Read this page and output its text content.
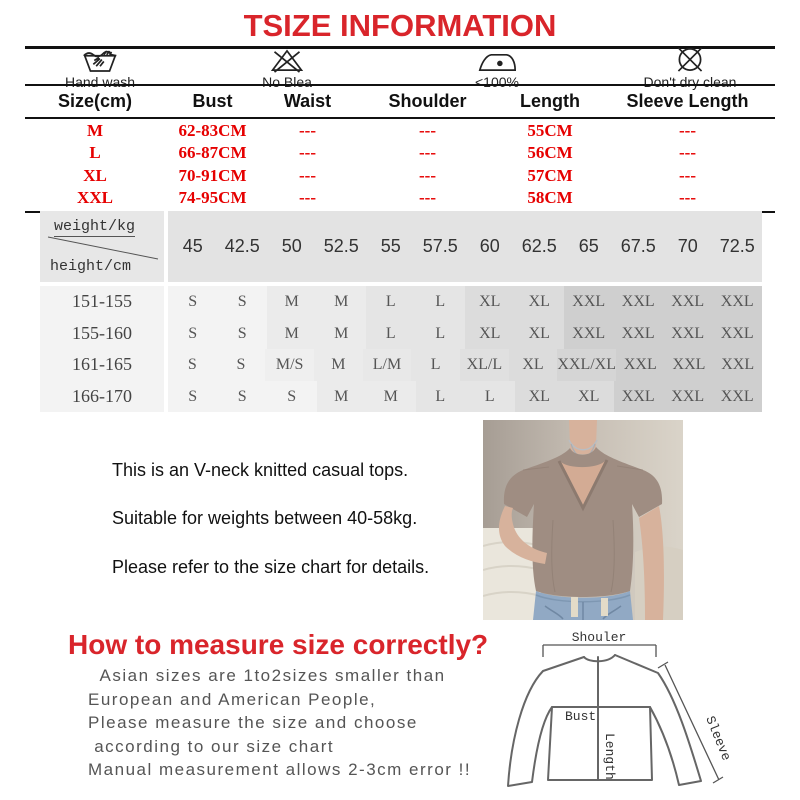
TSIZE INFORMATION
Hand wash	No Blea	<100%	Don't dry clean
Size(cm)	Bust	Waist	Shoulder	Length	Sleeve Length
M	62-83CM	---	---	55CM	---
L	66-87CM	---	---	56CM	---
XL	70-91CM	---	---	57CM	---
XXL	74-95CM	---	---	58CM	---
weight/kg
height/cm
45	42.5	50	52.5	55	57.5	60	62.5	65	67.5	70	72.5
151-155	S	S	M	M	L	L	XL	XL	XXL	XXL	XXL	XXL
155-160	S	S	M	M	L	L	XL	XL	XXL	XXL	XXL	XXL
161-165	S	S	M/S	M	L/M	L	XL/L	XL XXL/XL XXL XXL XXL
166-170	S	S	S	M	M	L	L	XL	XL	XXL	XXL	XXL
This is an V-neck knitted casual tops.
Suitable for weights between 40-58kg.
Please refer to the size chart for details.
How to measure size correctly?
Asian sizes are 1to2sizes smaller than
European and American People,
Please measure the size and choose
according to our size chart
Manual measurement allows 2-3cm error !!
Shouler
Bust
Length	Sleeve
